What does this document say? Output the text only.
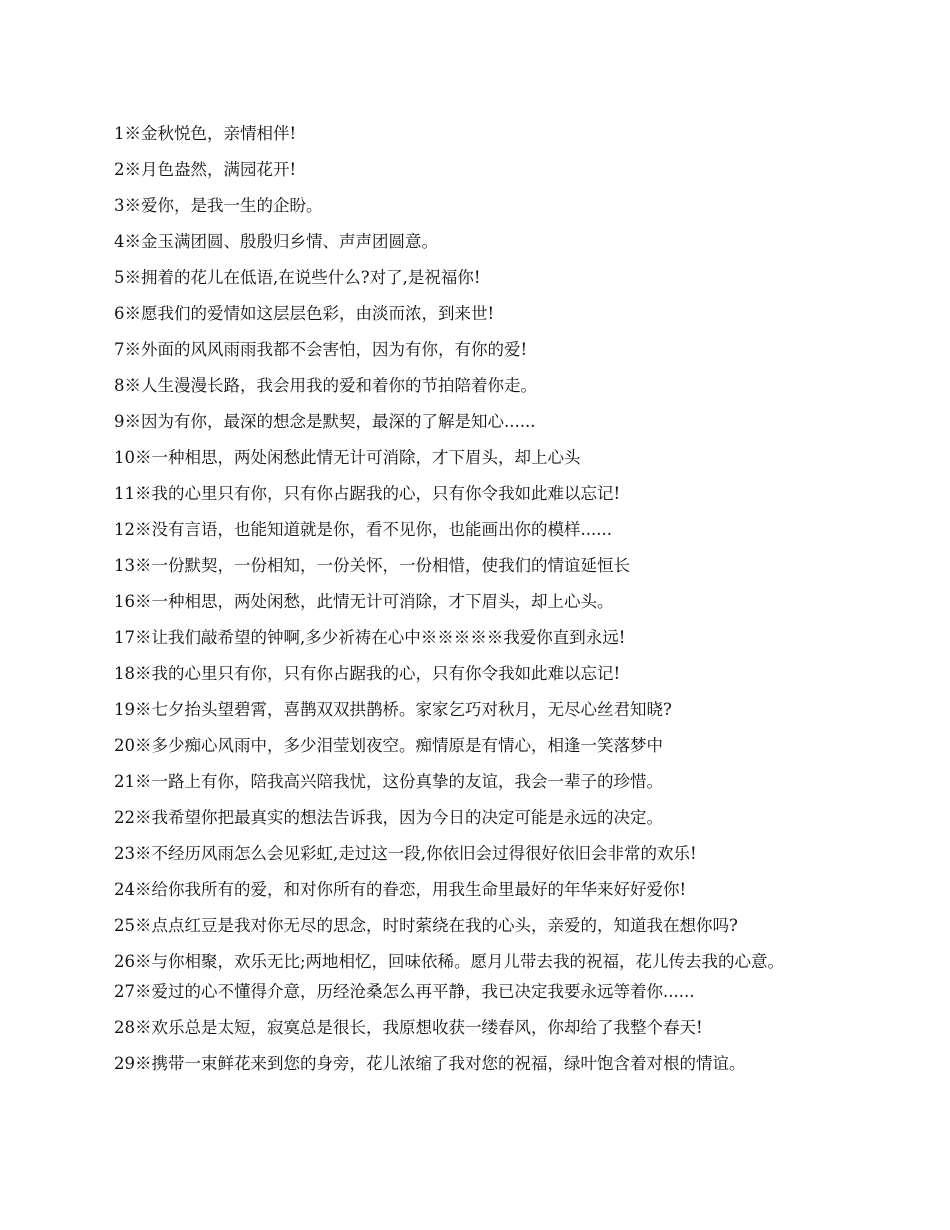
1※金秋悦色，亲情相伴!
2※月色盎然，满园花开!
3※爱你，是我一生的企盼。
4※金玉满团圆、殷殷归乡情、声声团圆意。
5※拥着的花儿在低语,在说些什么?对了,是祝福你!
6※愿我们的爱情如这层层色彩，由淡而浓，到来世!
7※外面的风风雨雨我都不会害怕，因为有你，有你的爱!
8※人生漫漫长路，我会用我的爱和着你的节拍陪着你走。
9※因为有你，最深的想念是默契，最深的了解是知心......
10※一种相思，两处闲愁此情无计可消除，才下眉头，却上心头
11※我的心里只有你，只有你占踞我的心，只有你令我如此难以忘记!
12※没有言语，也能知道就是你，看不见你，也能画出你的模样......
13※一份默契，一份相知，一份关怀，一份相惜，使我们的情谊延恒长
16※一种相思，两处闲愁，此情无计可消除，才下眉头，却上心头。
17※让我们敲希望的钟啊,多少祈祷在心中※※※※※我爱你直到永远!
18※我的心里只有你，只有你占踞我的心，只有你令我如此难以忘记!
19※七夕抬头望碧霄，喜鹊双双拱鹊桥。家家乞巧对秋月，无尽心丝君知晓?
20※多少痴心风雨中，多少泪莹划夜空。痴情原是有情心，相逢一笑落梦中
21※一路上有你，陪我高兴陪我忧，这份真挚的友谊，我会一辈子的珍惜。
22※我希望你把最真实的想法告诉我，因为今日的决定可能是永远的决定。
23※不经历风雨怎么会见彩虹,走过这一段,你依旧会过得很好依旧会非常的欢乐!
24※给你我所有的爱，和对你所有的眷恋，用我生命里最好的年华来好好爱你!
25※点点红豆是我对你无尽的思念，时时萦绕在我的心头，亲爱的，知道我在想你吗?
26※与你相聚，欢乐无比;两地相忆，回味依稀。愿月儿带去我的祝福，花儿传去我的心意。
27※爱过的心不懂得介意，历经沧桑怎么再平静，我已决定我要永远等着你......
28※欢乐总是太短，寂寞总是很长，我原想收获一缕春风，你却给了我整个春天!
29※携带一束鲜花来到您的身旁，花儿浓缩了我对您的祝福，绿叶饱含着对根的情谊。
